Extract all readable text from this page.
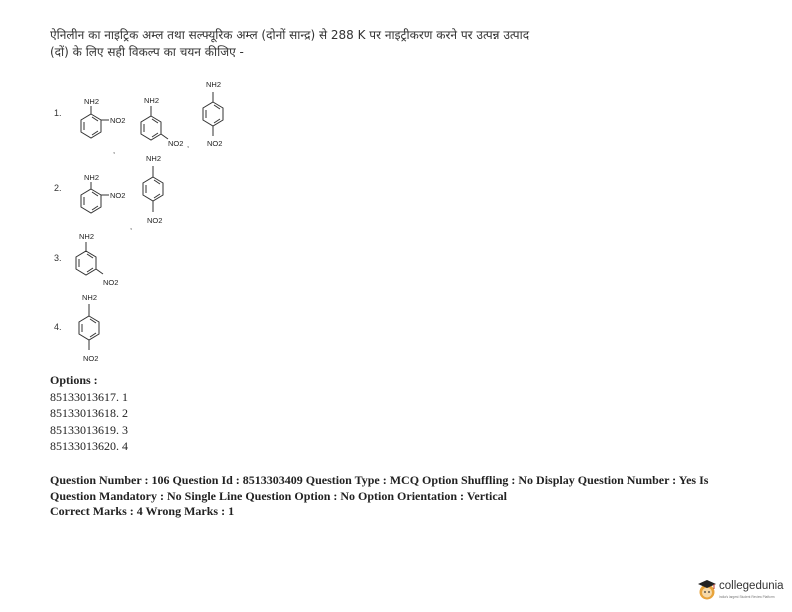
ऐनिलीन का नाइट्रिक अम्ल तथा सल्फ्यूरिक अम्ल (दोनों सान्द्र) से 288 K पर नाइट्रीकरण करने पर उत्पन्न उत्पाद
(दों) के लिए सही विकल्प का चयन कीजिए -
1.
2.
3.
4.
NH2
NO2
,
NH2
NO2 ,
NH2
NO2
NH2
NO2
,
NH2
NO2
NH2
NO2
NH2
NO2
Options :
85133013617. 1
85133013618. 2
85133013619. 3
85133013620. 4
Question Number : 106 Question Id : 8513303409 Question Type : MCQ Option Shuffling : No Display Question Number : Yes Is
Question Mandatory : No Single Line Question Option : No Option Orientation : Vertical
Correct Marks : 4 Wrong Marks : 1
collegedunia
India's largest Student Review Platform
